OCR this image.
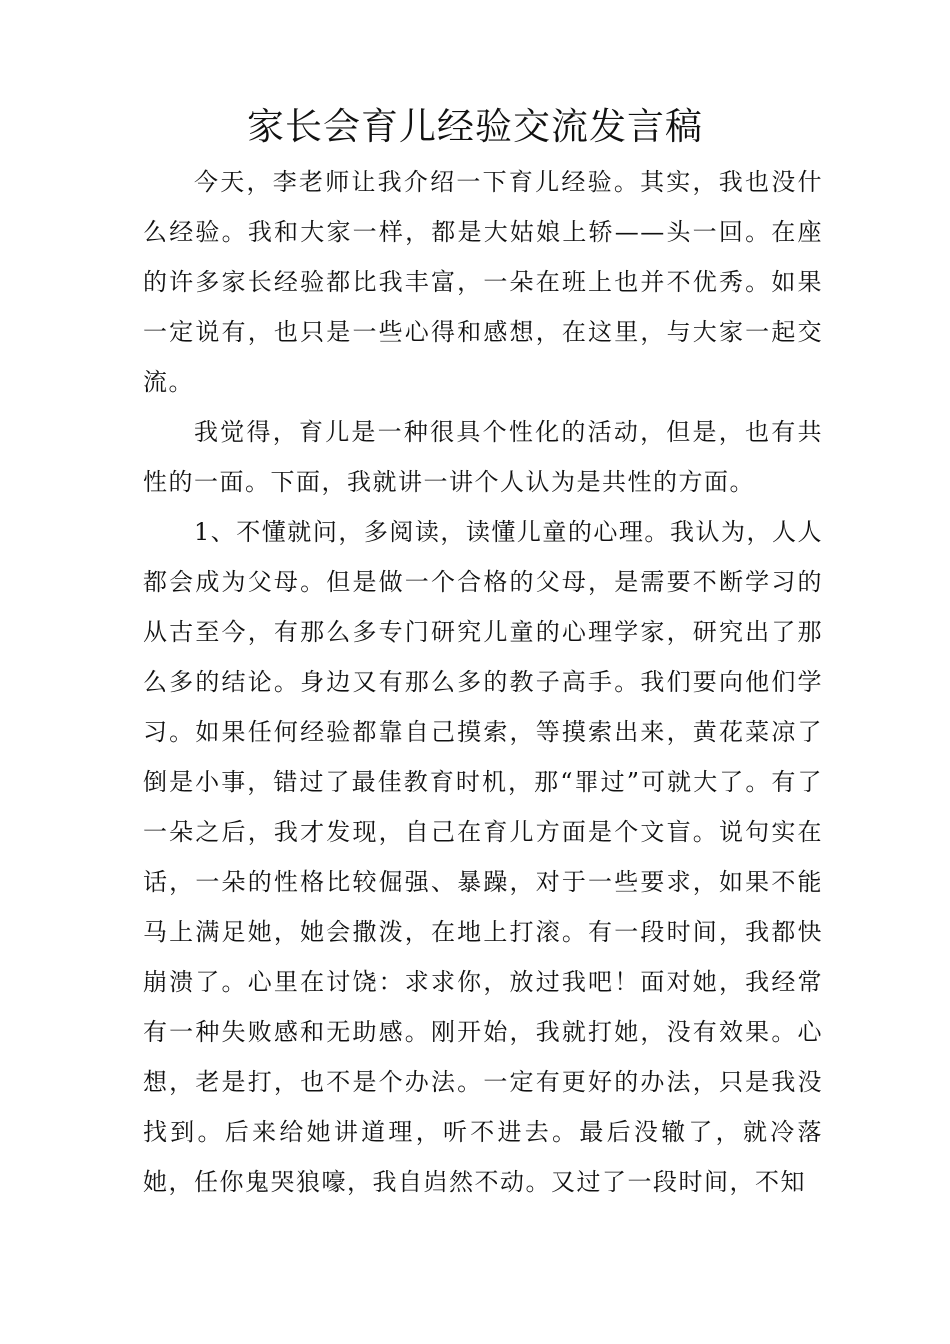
家长会育儿经验交流发言稿

今天，李老师让我介绍一下育儿经验。其实，我也没什么经验。我和大家一样，都是大姑娘上轿——头一回。在座的许多家长经验都比我丰富，一朵在班上也并不优秀。如果一定说有，也只是一些心得和感想，在这里，与大家一起交流。

我觉得，育儿是一种很具个性化的活动，但是，也有共性的一面。下面，我就讲一讲个人认为是共性的方面。

1、不懂就问，多阅读，读懂儿童的心理。我认为，人人都会成为父母。但是做一个合格的父母，是需要不断学习的从古至今，有那么多专门研究儿童的心理学家，研究出了那么多的结论。身边又有那么多的教子高手。我们要向他们学习。如果任何经验都靠自己摸索，等摸索出来，黄花菜凉了倒是小事，错过了最佳教育时机，那“罪过”可就大了。有了一朵之后，我才发现，自己在育儿方面是个文盲。说句实在话，一朵的性格比较倔强、暴躁，对于一些要求，如果不能马上满足她，她会撒泼，在地上打滚。有一段时间，我都快崩溃了。心里在讨饶：求求你，放过我吧！面对她，我经常有一种失败感和无助感。刚开始，我就打她，没有效果。心想，老是打，也不是个办法。一定有更好的办法，只是我没找到。后来给她讲道理，听不进去。最后没辙了，就冷落她，任你鬼哭狼嚎，我自岿然不动。又过了一段时间，不知
